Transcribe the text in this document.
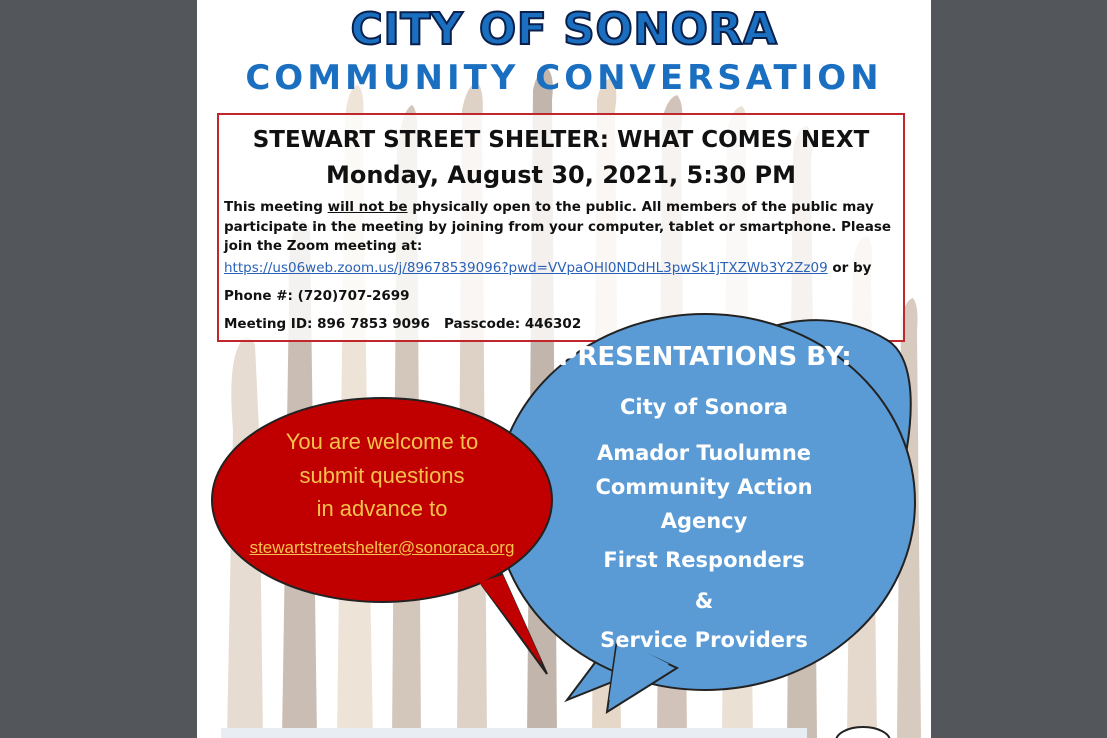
CITY OF SONORA
COMMUNITY CONVERSATION
STEWART STREET SHELTER: WHAT COMES NEXT
Monday, August 30, 2021, 5:30 PM
This meeting will not be physically open to the public. All members of the public may participate in the meeting by joining from your computer, tablet or smartphone. Please join the Zoom meeting at:
https://us06web.zoom.us/j/89678539096?pwd=VVpaOHl0NDdHL3pwSk1jTXZWb3Y2Zz09 or by
Phone #: (720)707-2699
Meeting ID: 896 7853 9096   Passcode: 446302
You are welcome to
submit questions
in advance to
stewartstreetshelter@sonoraca.org
PRESENTATIONS BY:
City of Sonora
Amador Tuolumne
Community Action
Agency
First Responders
&
Service Providers
